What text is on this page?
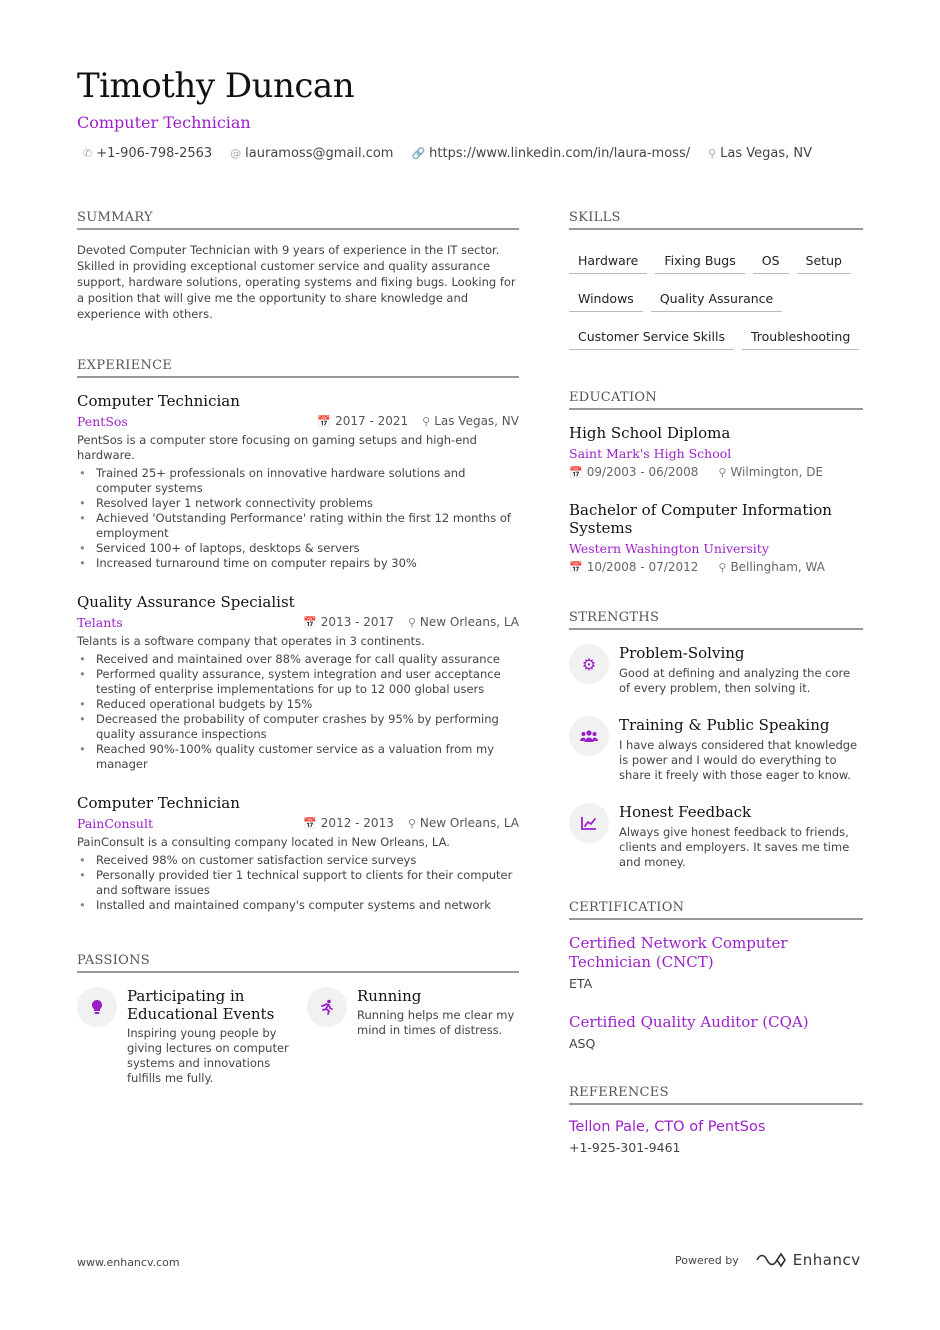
Timothy Duncan
Computer Technician
✆ +1-906-798-2563 @ lauramoss@gmail.com 🔗 https://www.linkedin.com/in/laura-moss/ ⚲ Las Vegas, NV
SUMMARY

Devoted Computer Technician with 9 years of experience in the IT sector. Skilled in providing exceptional customer service and quality assurance support, hardware solutions, operating systems and fixing bugs. Looking for a position that will give me the opportunity to share knowledge and experience with others.

EXPERIENCE
Computer Technician
PentSos	📅 2017 - 2021 ⚲ Las Vegas, NV
PentSos is a computer store focusing on gaming setups and high-end hardware.
• Trained 25+ professionals on innovative hardware solutions and computer systems
• Resolved layer 1 network connectivity problems
• Achieved 'Outstanding Performance' rating within the first 12 months of employment
• Serviced 100+ of laptops, desktops & servers
• Increased turnaround time on computer repairs by 30%
Quality Assurance Specialist
Telants	📅 2013 - 2017 ⚲ New Orleans, LA
Telants is a software company that operates in 3 continents.
• Received and maintained over 88% average for call quality assurance
• Performed quality assurance, system integration and user acceptance testing of enterprise implementations for up to 12 000 global users
• Reduced operational budgets by 15%
• Decreased the probability of computer crashes by 95% by performing quality assurance inspections
• Reached 90%-100% quality customer service as a valuation from my manager
Computer Technician
PainConsult	📅 2012 - 2013 ⚲ New Orleans, LA
PainConsult is a consulting company located in New Orleans, LA.
• Received 98% on customer satisfaction service surveys
• Personally provided tier 1 technical support to clients for their computer and software issues
• Installed and maintained company's computer systems and network
PASSIONS
Participating in Educational Events
Inspiring young people by giving lectures on computer systems and innovations fulfills me fully.
Running
Running helps me clear my mind in times of distress.
SKILLS
Hardware	Fixing Bugs	OS	Setup
Windows	Quality Assurance
Customer Service Skills	Troubleshooting
EDUCATION
High School Diploma
Saint Mark's High School
📅 09/2003 - 06/2008 ⚲ Wilmington, DE
Bachelor of Computer Information Systems
Western Washington University
📅 10/2008 - 07/2012 ⚲ Bellingham, WA
STRENGTHS
⚙
Problem-Solving
Good at defining and analyzing the core of every problem, then solving it.
Training & Public Speaking
I have always considered that knowledge is power and I would do everything to share it freely with those eager to know.
Honest Feedback
Always give honest feedback to friends, clients and employers. It saves me time and money.
CERTIFICATION
Certified Network Computer Technician (CNCT)
ETA
Certified Quality Auditor (CQA)
ASQ
REFERENCES
Tellon Pale, CTO of PentSos
+1-925-301-9461
www.enhancv.com	Powered by	Enhancv
